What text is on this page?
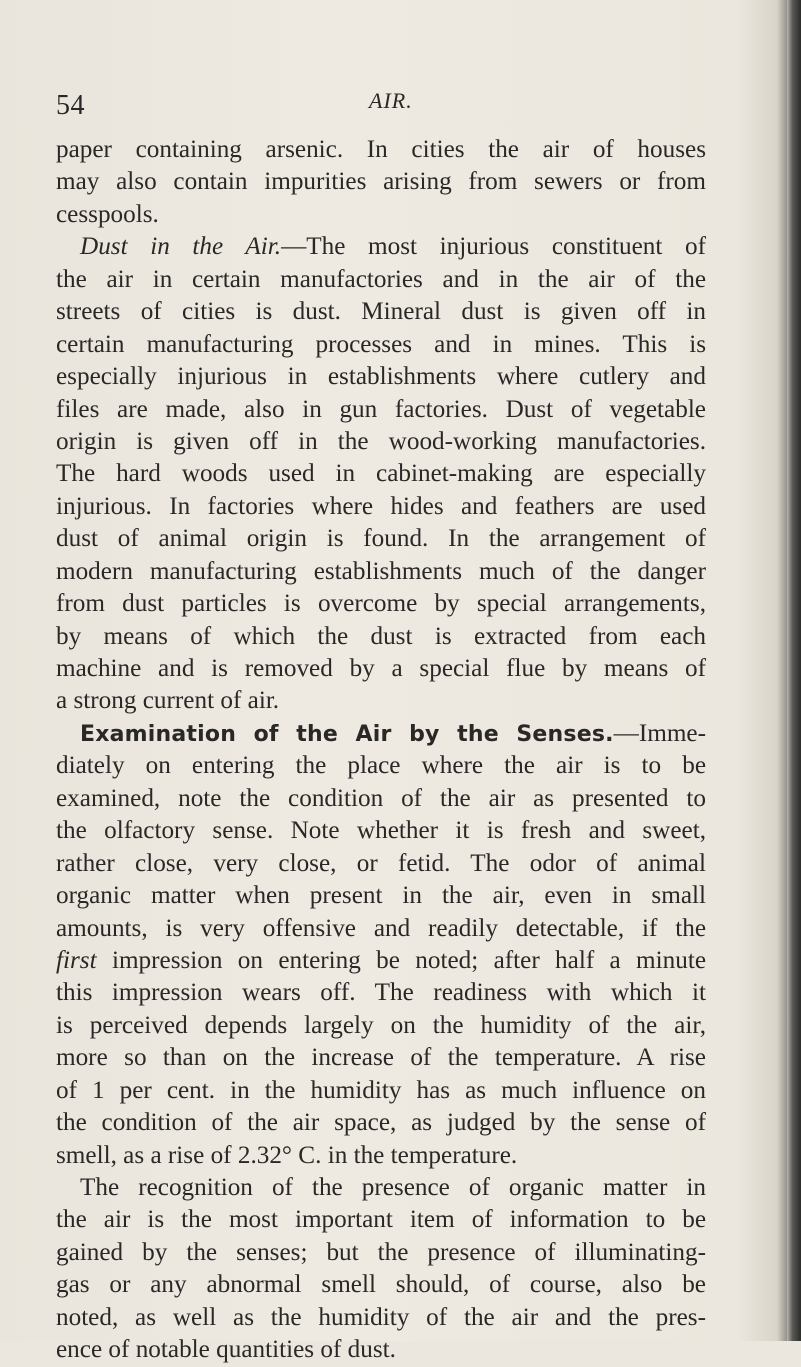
54	AIR.
paper containing arsenic. In cities the air of houses
may also contain impurities arising from sewers or from
cesspools.
Dust in the Air.—The most injurious constituent of
the air in certain manufactories and in the air of the
streets of cities is dust. Mineral dust is given off in
certain manufacturing processes and in mines. This is
especially injurious in establishments where cutlery and
files are made, also in gun factories. Dust of vegetable
origin is given off in the wood-working manufactories.
The hard woods used in cabinet-making are especially
injurious. In factories where hides and feathers are used
dust of animal origin is found. In the arrangement of
modern manufacturing establishments much of the danger
from dust particles is overcome by special arrangements,
by means of which the dust is extracted from each
machine and is removed by a special flue by means of
a strong current of air.
Examination of the Air by the Senses.—Imme-
diately on entering the place where the air is to be
examined, note the condition of the air as presented to
the olfactory sense. Note whether it is fresh and sweet,
rather close, very close, or fetid. The odor of animal
organic matter when present in the air, even in small
amounts, is very offensive and readily detectable, if the
first impression on entering be noted; after half a minute
this impression wears off. The readiness with which it
is perceived depends largely on the humidity of the air,
more so than on the increase of the temperature. A rise
of 1 per cent. in the humidity has as much influence on
the condition of the air space, as judged by the sense of
smell, as a rise of 2.32° C. in the temperature.
The recognition of the presence of organic matter in
the air is the most important item of information to be
gained by the senses; but the presence of illuminating-
gas or any abnormal smell should, of course, also be
noted, as well as the humidity of the air and the pres-
ence of notable quantities of dust.
